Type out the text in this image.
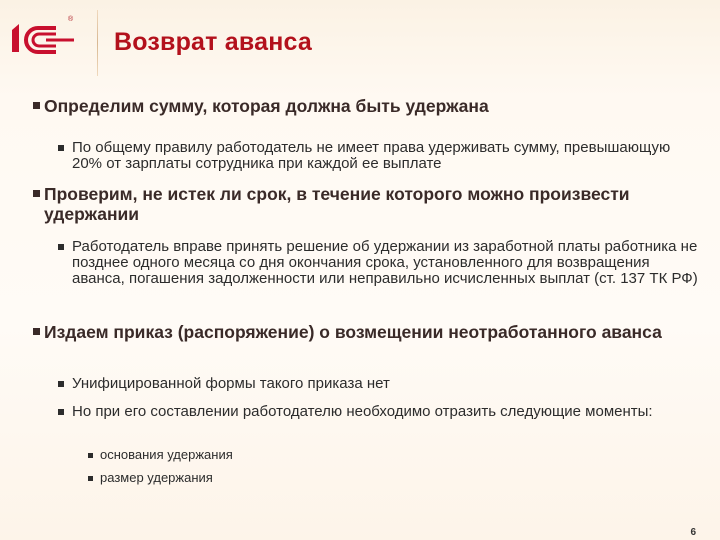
®
Возврат аванса
Определим сумму, которая должна быть удержана
По общему правилу работодатель не имеет права удерживать сумму, превышающую 20% от зарплаты сотрудника при каждой ее выплате
Проверим, не истек ли срок, в течение которого можно произвести удержании
Работодатель вправе принять решение об удержании из заработной платы работника не позднее одного месяца со дня окончания срока, установленного для возвращения аванса, погашения задолженности или неправильно исчисленных выплат (ст. 137 ТК РФ)
Издаем приказ (распоряжение) о возмещении неотработанного аванса
Унифицированной формы такого приказа нет
Но при его составлении работодателю необходимо отразить следующие моменты:
основания удержания
размер удержания
6
